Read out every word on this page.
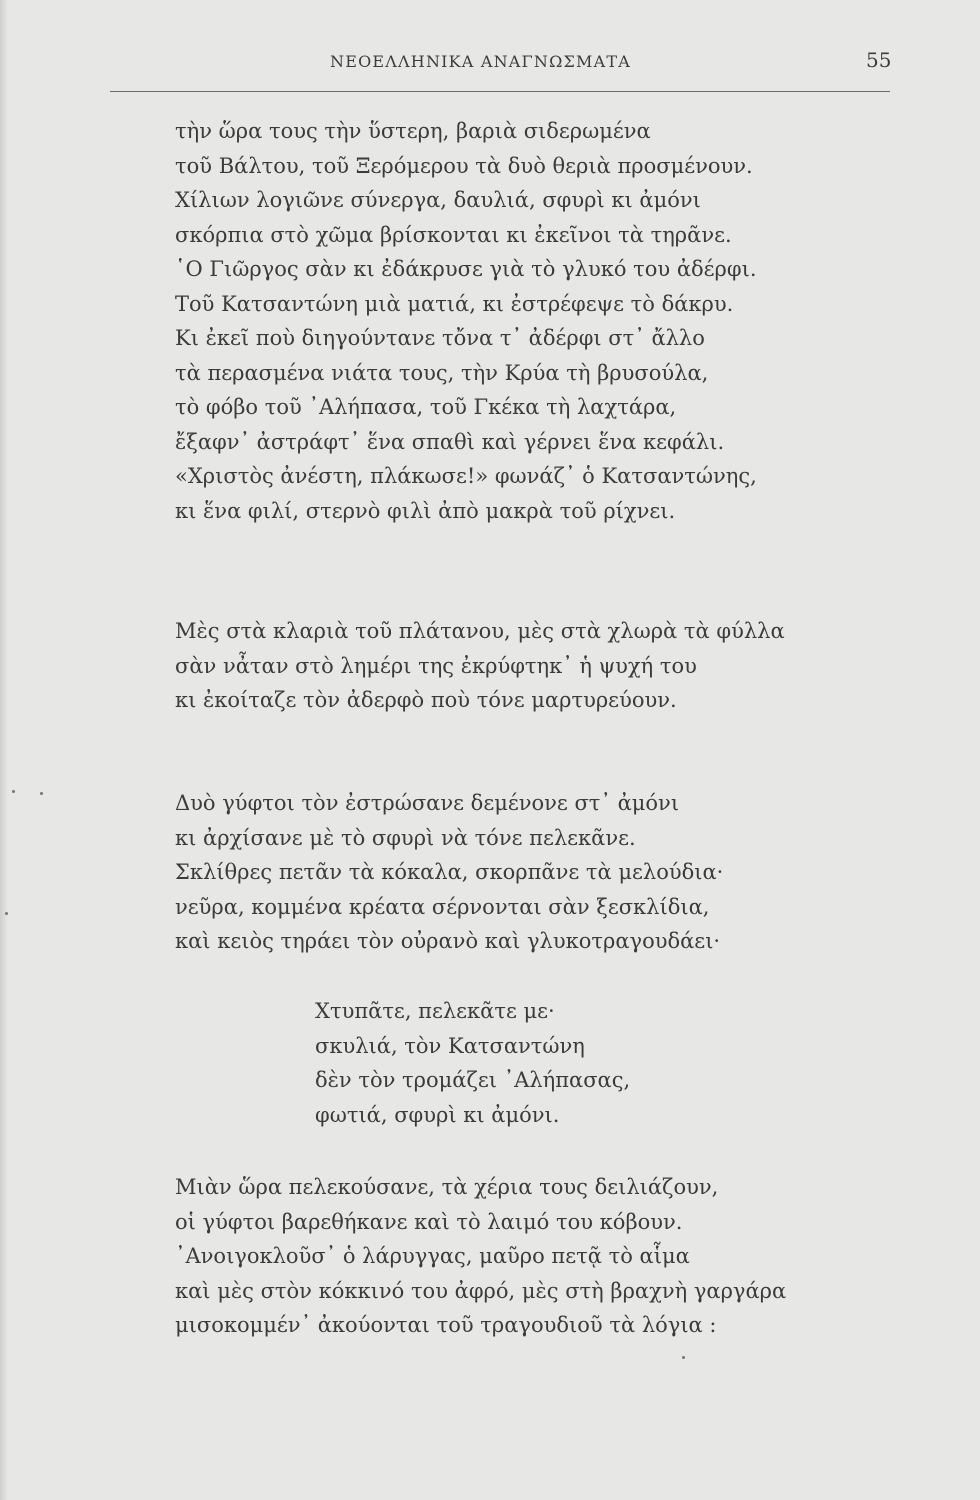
ΝΕΟΕΛΛΗΝΙΚΑ ΑΝΑΓΝΩΣΜΑΤΑ	55
τὴν ὥρα τους τὴν ὕστερη, βαριὰ σιδερωμένα
τοῦ Βάλτου, τοῦ Ξερόμερου τὰ δυὸ θεριὰ προσμένουν.
Χίλιων λογιῶνε σύνεργα, δαυλιά, σφυρὶ κι ἀμόνι
σκόρπια στὸ χῶμα βρίσκονται κι ἐκεῖνοι τὰ τηρᾶνε.
῾Ο Γιῶργος σὰν κι ἐδάκρυσε γιὰ τὸ γλυκό του ἀδέρφι.
Τοῦ Κατσαντώνη μιὰ ματιά, κι ἐστρέφεψε τὸ δάκρυ.
Κι ἐκεῖ ποὺ διηγούντανε τὄνα τ᾽ ἀδέρφι στ᾽ ἄλλο
τὰ περασμένα νιάτα τους, τὴν Κρύα τὴ βρυσούλα,
τὸ φόβο τοῦ ᾽Αλήπασα, τοῦ Γκέκα τὴ λαχτάρα,
ἔξαφν᾽ ἀστράφτ᾽ ἕνα σπαθὶ καὶ γέρνει ἕνα κεφάλι.
«Χριστὸς ἀνέστη, πλάκωσε!» φωνάζ᾽ ὁ Κατσαντώνης,
κι ἕνα φιλί, στερνὸ φιλὶ ἀπὸ μακρὰ τοῦ ρίχνει.
Μὲς στὰ κλαριὰ τοῦ πλάτανου, μὲς στὰ χλωρὰ τὰ φύλλα
σὰν νἆταν στὸ λημέρι της ἐκρύφτηκ᾽ ἡ ψυχή του
κι ἐκοίταζε τὸν ἀδερφὸ ποὺ τόνε μαρτυρεύουν.
Δυὸ γύφτοι τὸν ἐστρώσανε δεμένονε στ᾽ ἀμόνι
κι ἀρχίσανε μὲ τὸ σφυρὶ νὰ τόνε πελεκᾶνε.
Σκλίθρες πετᾶν τὰ κόκαλα, σκορπᾶνε τὰ μελούδια·
νεῦρα, κομμένα κρέατα σέρνονται σὰν ξεσκλίδια,
καὶ κειὸς τηράει τὸν οὐρανὸ καὶ γλυκοτραγουδάει·
Χτυπᾶτε, πελεκᾶτε με·
σκυλιά, τὸν Κατσαντώνη
δὲν τὸν τρομάζει ᾽Αλήπασας,
φωτιά, σφυρὶ κι ἀμόνι.
Μιὰν ὥρα πελεκούσανε, τὰ χέρια τους δειλιάζουν,
οἱ γύφτοι βαρεθήκανε καὶ τὸ λαιμό του κόβουν.
᾽Ανοιγοκλοῦσ᾽ ὁ λάρυγγας, μαῦρο πετᾷ τὸ αἷμα
καὶ μὲς στὸν κόκκινό του ἀφρό, μὲς στὴ βραχνὴ γαργάρα
μισοκομμέν᾽ ἀκούονται τοῦ τραγουδιοῦ τὰ λόγια :
